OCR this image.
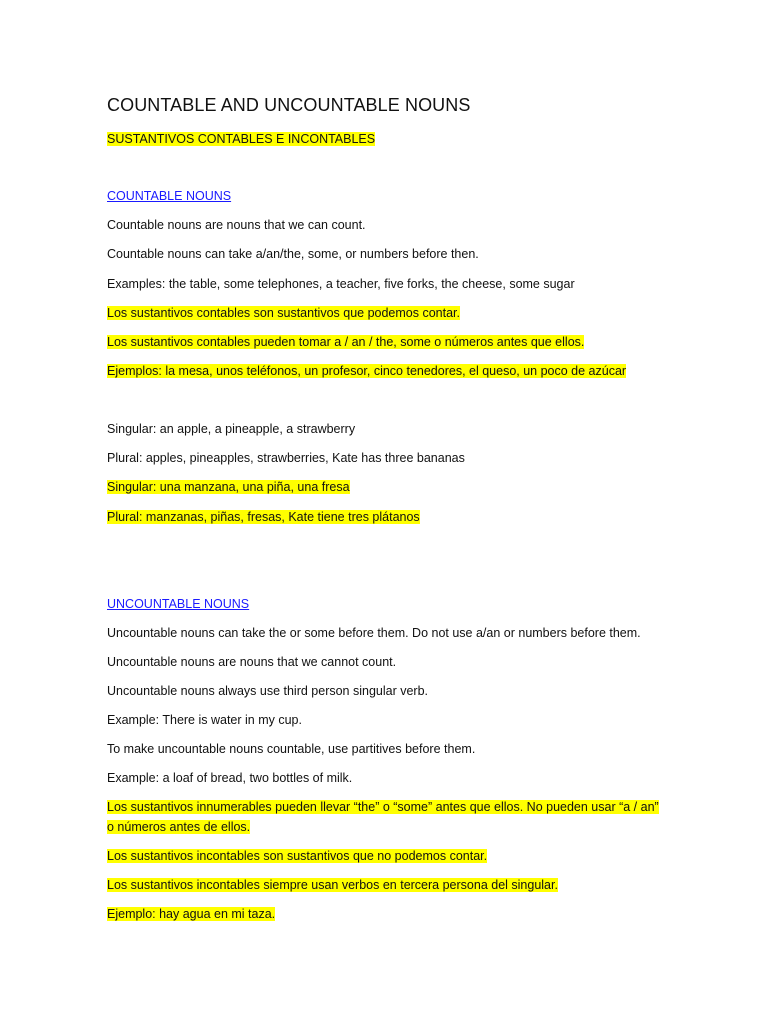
COUNTABLE AND UNCOUNTABLE NOUNS
SUSTANTIVOS CONTABLES E INCONTABLES
COUNTABLE NOUNS
Countable nouns are nouns that we can count.
Countable nouns can take a/an/the, some, or numbers before then.
Examples: the table, some telephones, a teacher, five forks, the cheese, some sugar
Los sustantivos contables son sustantivos que podemos contar.
Los sustantivos contables pueden tomar a / an / the, some o números antes que ellos.
Ejemplos: la mesa, unos teléfonos, un profesor, cinco tenedores, el queso, un poco de azúcar
Singular: an apple, a pineapple, a strawberry
Plural: apples, pineapples, strawberries, Kate has three bananas
Singular: una manzana, una piña, una fresa
Plural: manzanas, piñas, fresas, Kate tiene tres plátanos
UNCOUNTABLE NOUNS
Uncountable nouns can take the or some before them. Do not use a/an or numbers before them.
Uncountable nouns are nouns that we cannot count.
Uncountable nouns always use third person singular verb.
Example: There is water in my cup.
To make uncountable nouns countable, use partitives before them.
Example: a loaf of bread, two bottles of milk.
Los sustantivos innumerables pueden llevar “the” o “some” antes que ellos. No pueden usar “a / an” o números antes de ellos.
Los sustantivos incontables son sustantivos que no podemos contar.
Los sustantivos incontables siempre usan verbos en tercera persona del singular.
Ejemplo: hay agua en mi taza.
